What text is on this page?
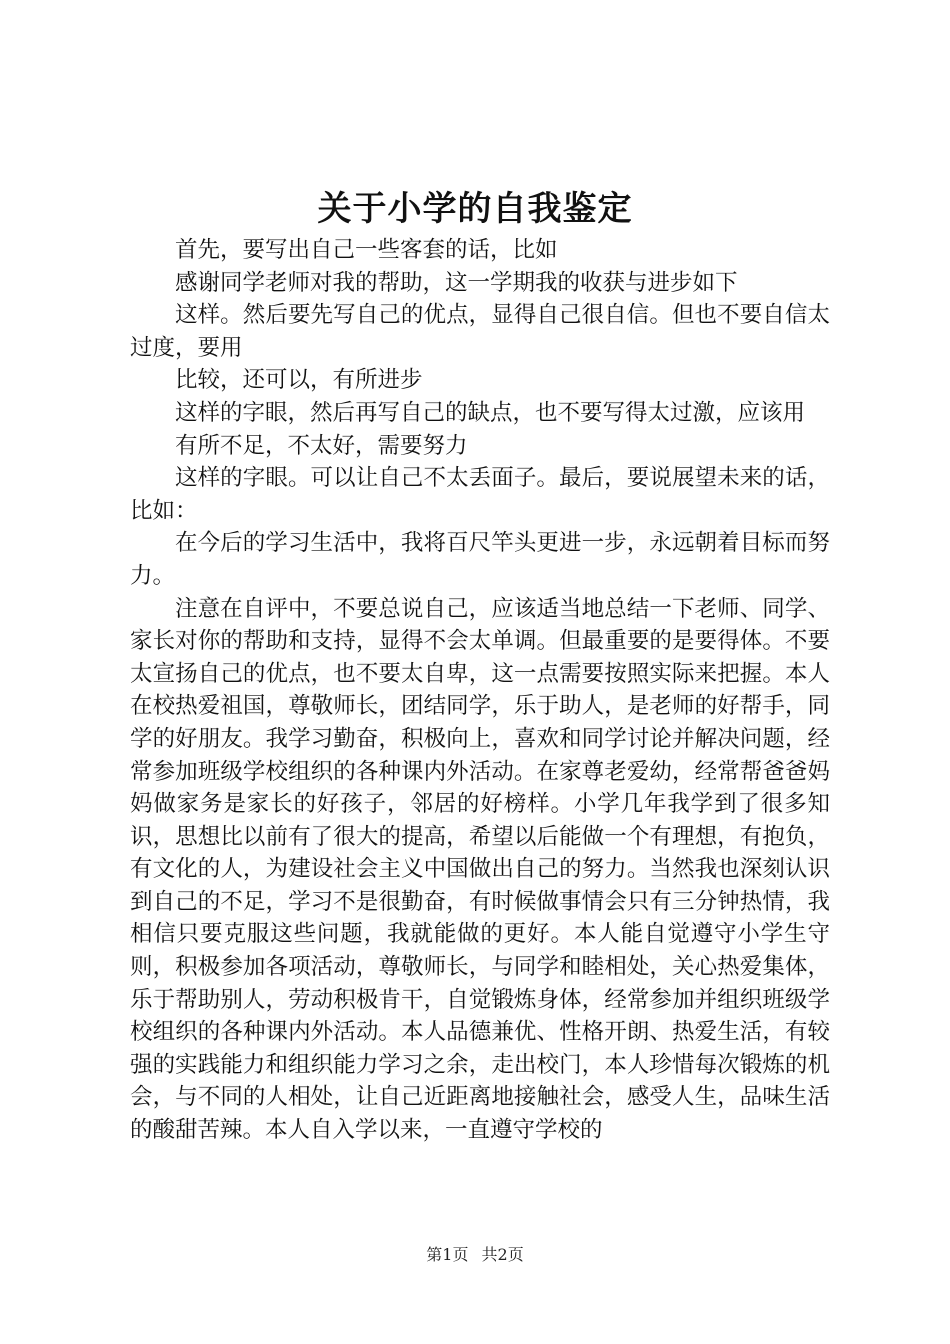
关于小学的自我鉴定

首先，要写出自己一些客套的话，比如

感谢同学老师对我的帮助，这一学期我的收获与进步如下

这样。然后要先写自己的优点，显得自己很自信。但也不要自信太过度，要用

比较，还可以，有所进步

这样的字眼，然后再写自己的缺点，也不要写得太过激，应该用

有所不足，不太好，需要努力

这样的字眼。可以让自己不太丢面子。最后，要说展望未来的话，比如：

在今后的学习生活中，我将百尺竿头更进一步，永远朝着目标而努力。

注意在自评中，不要总说自己，应该适当地总结一下老师、同学、家长对你的帮助和支持，显得不会太单调。但最重要的是要得体。不要太宣扬自己的优点，也不要太自卑，这一点需要按照实际来把握。本人在校热爱祖国，尊敬师长，团结同学，乐于助人，是老师的好帮手，同学的好朋友。我学习勤奋，积极向上，喜欢和同学讨论并解决问题，经常参加班级学校组织的各种课内外活动。在家尊老爱幼，经常帮爸爸妈妈做家务是家长的好孩子，邻居的好榜样。小学几年我学到了很多知识，思想比以前有了很大的提高，希望以后能做一个有理想，有抱负，有文化的人，为建设社会主义中国做出自己的努力。当然我也深刻认识到自己的不足，学习不是很勤奋，有时候做事情会只有三分钟热情，我相信只要克服这些问题，我就能做的更好。本人能自觉遵守小学生守则，积极参加各项活动，尊敬师长，与同学和睦相处，关心热爱集体，乐于帮助别人，劳动积极肯干，自觉锻炼身体，经常参加并组织班级学校组织的各种课内外活动。本人品德兼优、性格开朗、热爱生活，有较强的实践能力和组织能力学习之余，走出校门，本人珍惜每次锻炼的机会，与不同的人相处，让自己近距离地接触社会，感受人生，品味生活的酸甜苦辣。本人自入学以来，一直遵守学校的

第1页 共2页
